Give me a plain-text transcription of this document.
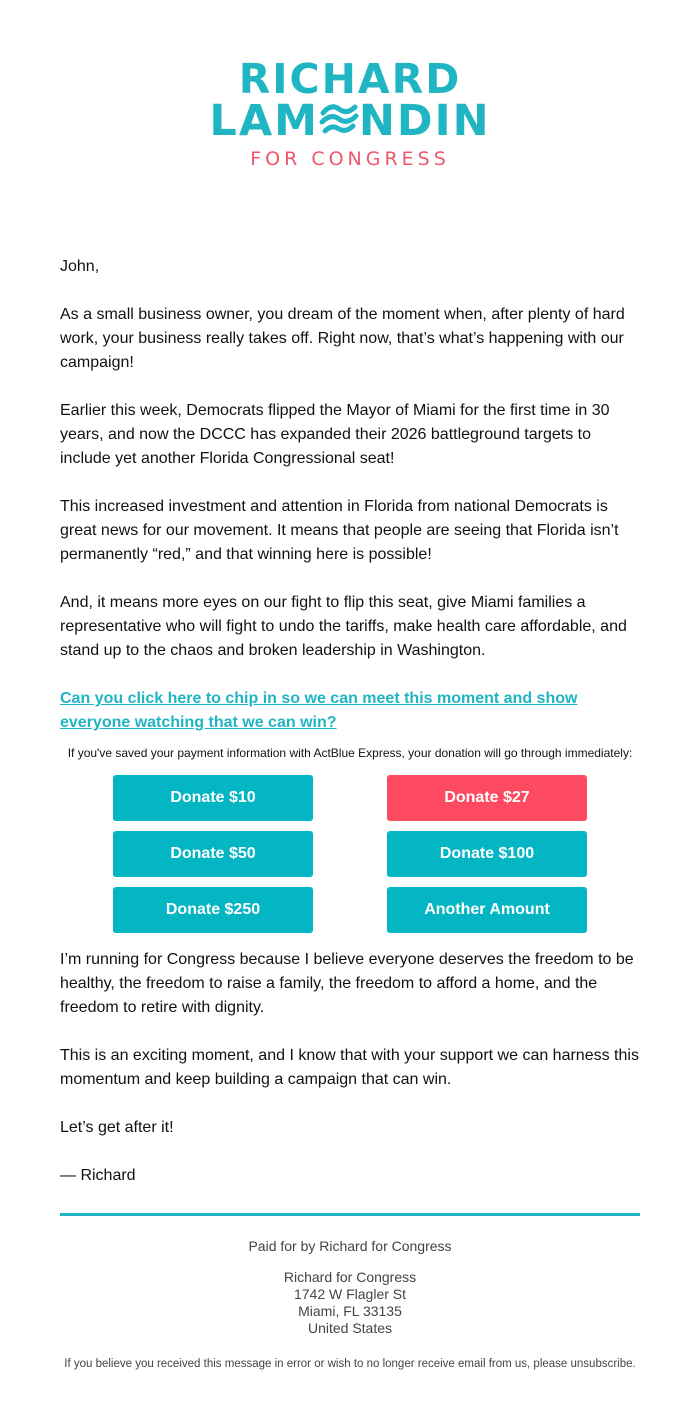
RICHARD
LAM NDIN
FOR CONGRESS

John,

As a small business owner, you dream of the moment when, after plenty of hard work, your business really takes off. Right now, that’s what’s happening with our campaign!

Earlier this week, Democrats flipped the Mayor of Miami for the first time in 30 years, and now the DCCC has expanded their 2026 battleground targets to include yet another Florida Congressional seat!

This increased investment and attention in Florida from national Democrats is great news for our movement. It means that people are seeing that Florida isn’t permanently “red,” and that winning here is possible!

And, it means more eyes on our fight to flip this seat, give Miami families a representative who will fight to undo the tariffs, make health care affordable, and stand up to the chaos and broken leadership in Washington.

Can you click here to chip in so we can meet this moment and show everyone watching that we can win?
If you've saved your payment information with ActBlue Express, your donation will go through immediately:
Donate $10	Donate $27
Donate $50	Donate $100
Donate $250	Another Amount

I’m running for Congress because I believe everyone deserves the freedom to be healthy, the freedom to raise a family, the freedom to afford a home, and the freedom to retire with dignity.

This is an exciting moment, and I know that with your support we can harness this momentum and keep building a campaign that can win.

Let’s get after it!

— Richard

Paid for by Richard for Congress
Richard for Congress
1742 W Flagler St
Miami, FL 33135
United States
If you believe you received this message in error or wish to no longer receive email from us, please unsubscribe.
